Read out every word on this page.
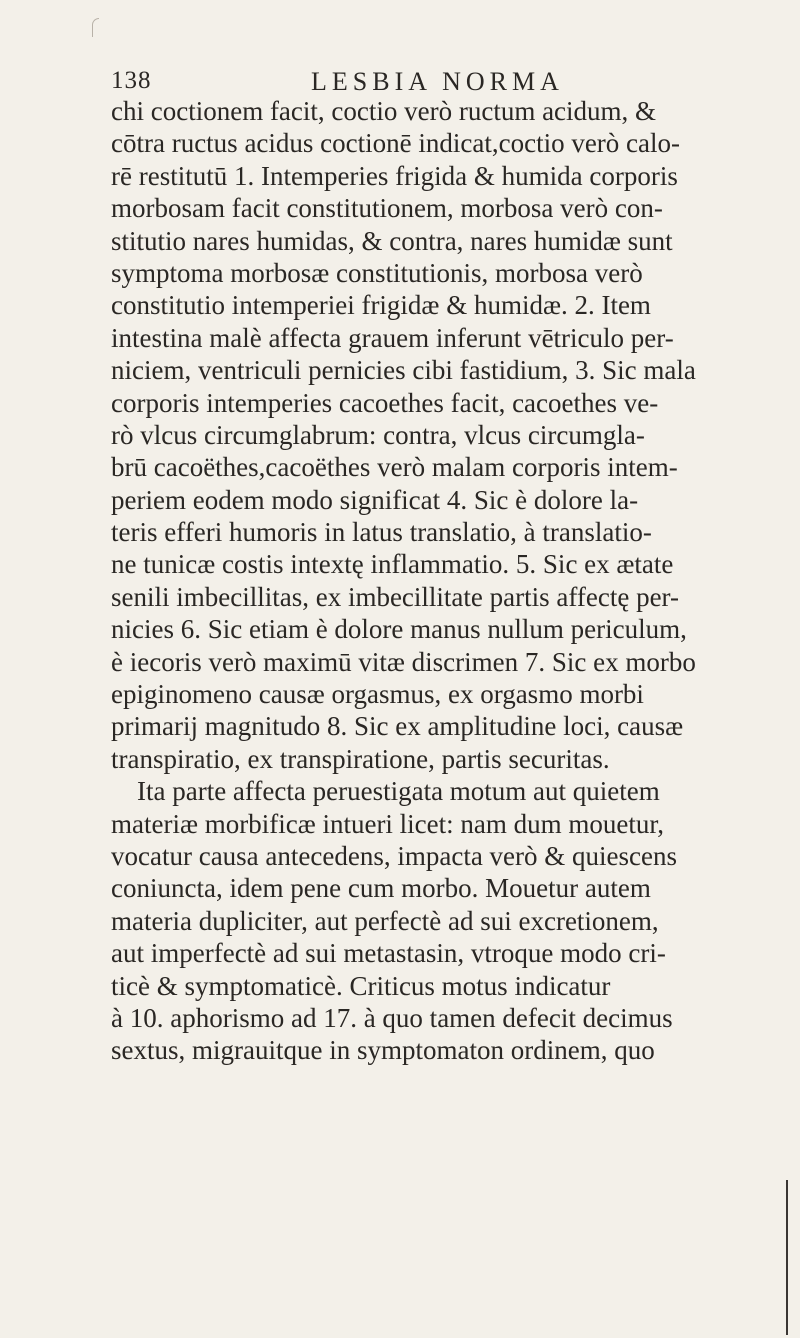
138	LESBIA NORMA
chi coctionem facit, coctio verò ructum acidum, &
cōtra ructus acidus coctionē indicat,coctio verò calo-
rē restitutū 1. Intemperies frigida & humida corporis
morbosam facit constitutionem, morbosa verò con-
stitutio nares humidas, & contra, nares humidæ sunt
symptoma morbosæ constitutionis, morbosa verò
constitutio intemperiei frigidæ & humidæ. 2. Item
intestina malè affecta grauem inferunt vētriculo per-
niciem, ventriculi pernicies cibi fastidium, 3. Sic mala
corporis intemperies cacoethes facit, cacoethes ve-
rò vlcus circumglabrum: contra, vlcus circumgla-
brū cacoëthes,cacoëthes verò malam corporis intem-
periem eodem modo significat 4. Sic è dolore la-
teris efferi humoris in latus translatio, à translatio-
ne tunicæ costis intextę inflammatio. 5. Sic ex ætate
senili imbecillitas, ex imbecillitate partis affectę per-
nicies 6. Sic etiam è dolore manus nullum periculum,
è iecoris verò maximū vitæ discrimen 7. Sic ex morbo
epiginomeno causæ orgasmus, ex orgasmo morbi
primarij magnitudo 8. Sic ex amplitudine loci, causæ
transpiratio, ex transpiratione, partis securitas.
Ita parte affecta peruestigata motum aut quietem
materiæ morbificæ intueri licet: nam dum mouetur,
vocatur causa antecedens, impacta verò & quiescens
coniuncta, idem pene cum morbo. Mouetur autem
materia dupliciter, aut perfectè ad sui excretionem,
aut imperfectè ad sui metastasin, vtroque modo cri-
ticè & symptomaticè. Criticus motus indicatur
à 10. aphorismo ad 17. à quo tamen defecit decimus
sextus, migrauitque in symptomaton ordinem, quo
